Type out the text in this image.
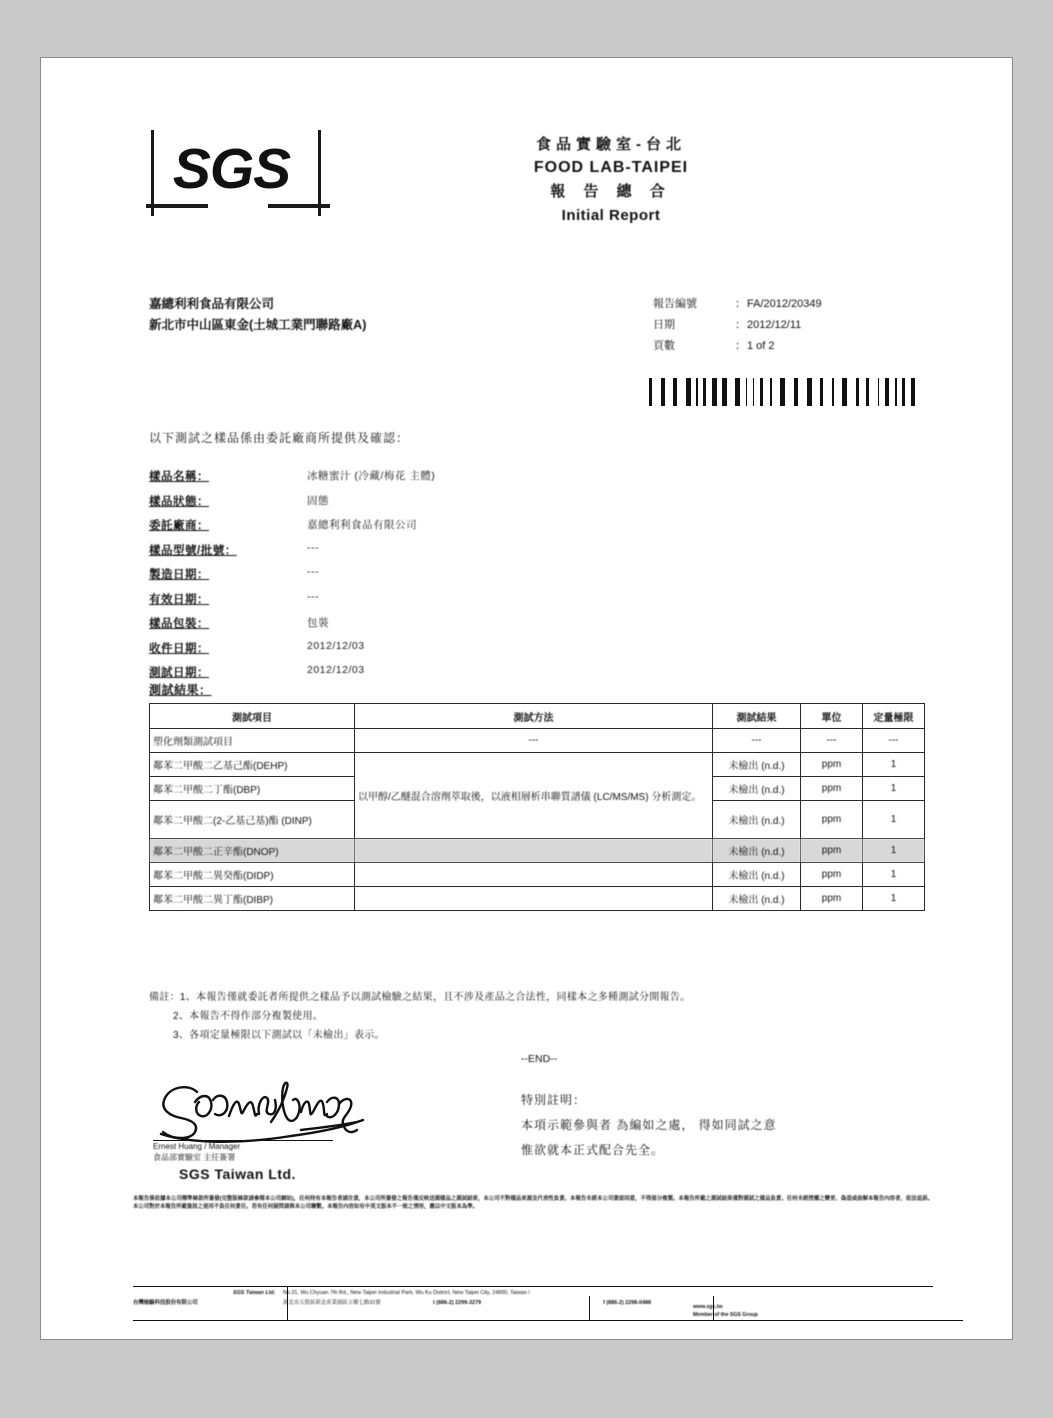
SGS	食品實驗室-台北
FOOD LAB-TAIPEI
報 告 總 合
Initial Report
嘉總利利食品有限公司
新北市中山區東金(土城工業門聯路廠A)
報告編號	： FA/2012/20349
日期	： 2012/12/11
頁數	： 1 of 2
以下測試之樣品係由委託廠商所提供及確認：
樣品名稱：	冰糖蜜汁 (冷藏/梅花 主體)
樣品狀態：	固態
委託廠商：	嘉總利利食品有限公司
樣品型號/批號：	---
製造日期：	---
有效日期：	---
樣品包裝：	包裝
收件日期：	2012/12/03
測試日期：	2012/12/03
測試結果：
測試項目	測試方法	測試結果	單位	定量極限
塑化劑類測試項目	---	---	---	---
鄰苯二甲酸二乙基己酯(DEHP)	以甲醇/乙醚混合溶劑萃取後，以液相層析串聯質譜儀 (LC/MS/MS) 分析測定。	未檢出 (n.d.)	ppm	1
鄰苯二甲酸二丁酯(DBP)		未檢出 (n.d.)	ppm	1
鄰苯二甲酸二(2-乙基己基)酯 (DINP)		未檢出 (n.d.)	ppm	1
鄰苯二甲酸二正辛酯(DNOP)		未檢出 (n.d.)	ppm	1
鄰苯二甲酸二異癸酯(DIDP)		未檢出 (n.d.)	ppm	1
鄰苯二甲酸二異丁酯(DIBP)		未檢出 (n.d.)	ppm	1
備註：1、本報告僅就委託者所提供之樣品予以測試檢驗之結果，且不涉及產品之合法性，同樣本之多種測試分開報告。
2、本報告不得作部分複製使用。
3、各項定量極限以下測試以「未檢出」表示。
--END--
Ernest Huang / Manager
食品部實驗室 主任簽署
SGS Taiwan Ltd.
特別註明：
本項示範參與者 為編如之處， 得如同試之意
惟欲就本正式配合先全。
本報告係依據本公司標準條款所簽發(完整版條款請參閱本公司網站)，任何持有本報告者請注意，本公司所簽發之報告僅反映送測樣品之測試結果，本公司不對樣品來源及代表性負責。本報告未經本公司書面同意，不得部分複製。本報告所載之測試結果僅對測試之樣品負責。任何未經授權之變更、偽造或曲解本報告內容者，依法追訴。本公司對於本報告所載資訊之使用不負任何責任。若有任何疑問請與本公司聯繫。本報告內容如有中英文版本不一致之情形，應以中文版本為準。
SGS Taiwan Ltd.
台灣檢驗科技股份有限公司
No.31, Wu Chyuan 7th Rd., New Taipei Industrial Park, Wu Ku District, New Taipei City, 24890, Taiwan /
新北市五股區新北產業園區五權七路31號	t (886-2) 2299-3279	f (886-2) 2298-0488
www.sgs.tw
Member of the SGS Group
